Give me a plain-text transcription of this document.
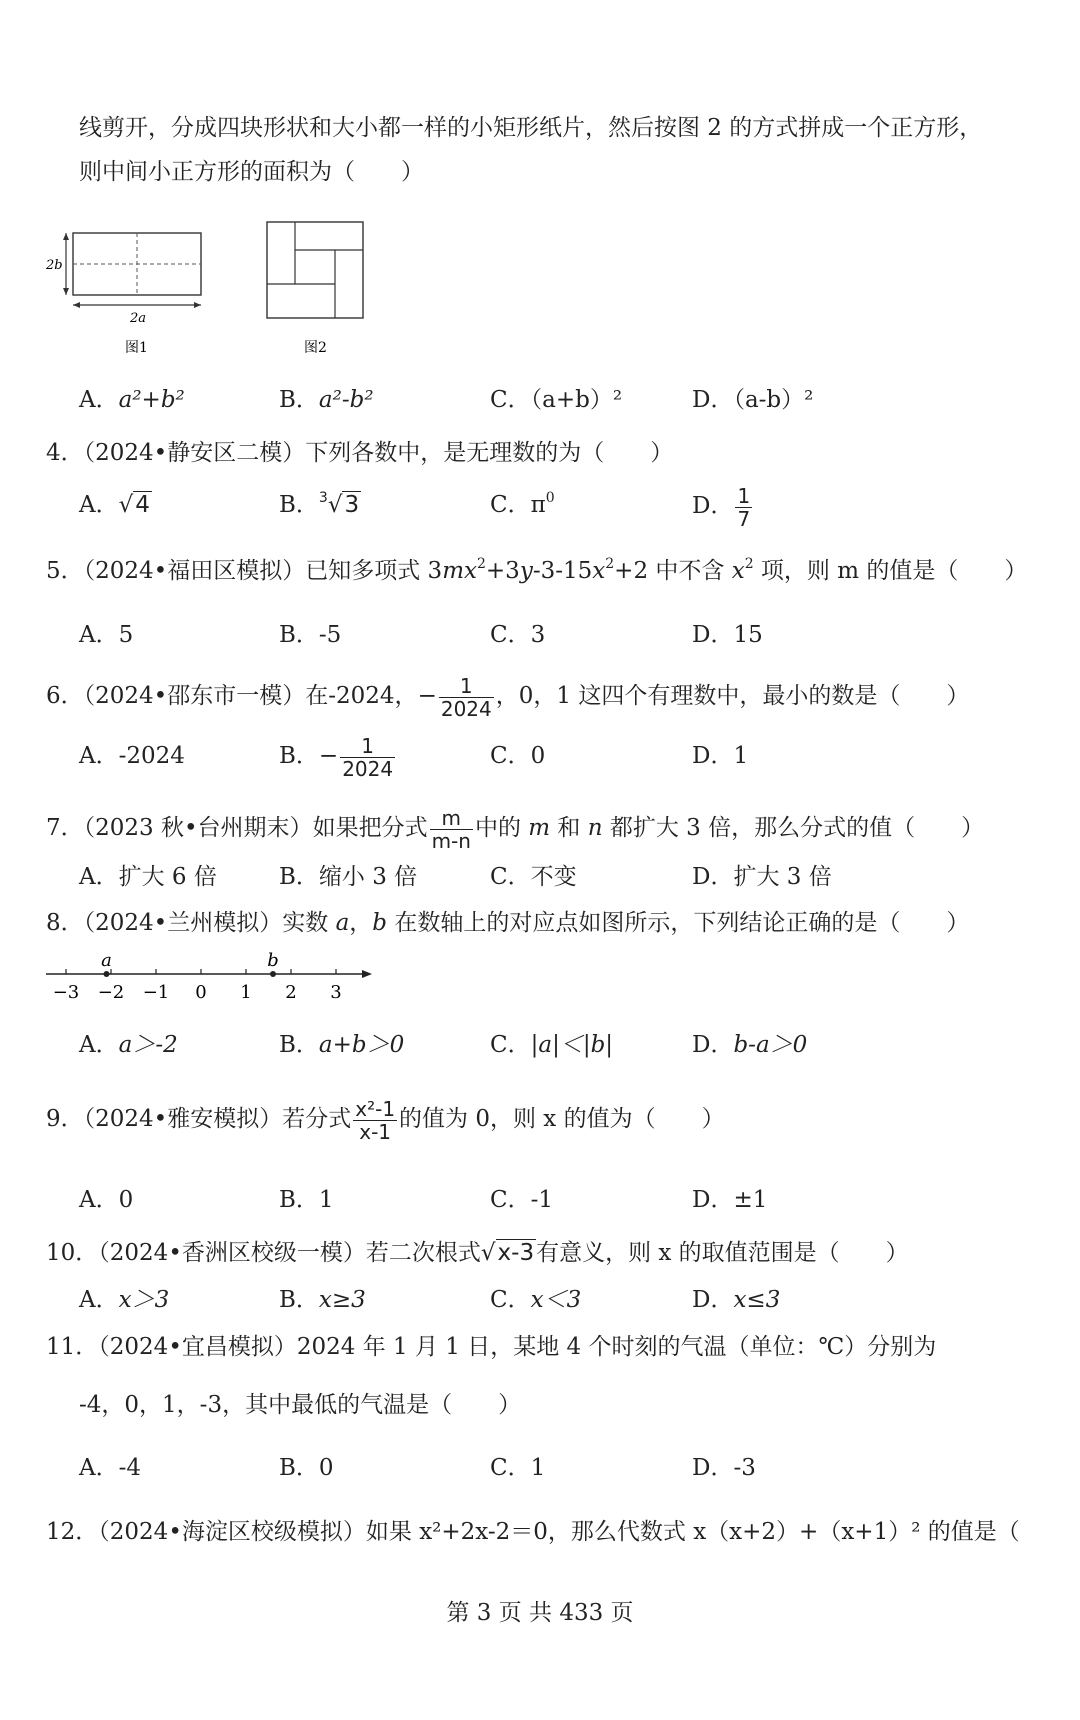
线剪开，分成四块形状和大小都一样的小矩形纸片，然后按图 2 的方式拼成一个正方形，
则中间小正方形的面积为（　　）
2b
2a
图1	图2
A．a²+b²	B．a²-b²	C．（a+b）²	D．（a-b）²
4．（2024•静安区二模）下列各数中，是无理数的为（　　）
A．√4	B．$^3$√3	C．$\pi^0$	D． $\frac{1}{7}$
5．（2024•福田区模拟）已知多项式 $3mx^2+3y-3-15x^2+2$ 中不含 $x^2$ 项，则 m 的值是（　　）
A．5	B．-5	C．3	D．15
6．（2024•邵东市一模）在-2024，− $\frac{1}{2024}$ ，0，1 这四个有理数中，最小的数是（　　）
A．-2024	B．− $\frac{1}{2024}$	C．0	D．1
7．（2023 秋•台州期末）如果把分式 $\frac{m}{m-n}$ 中的 m 和 n 都扩大 3 倍，那么分式的值（　　）
A．扩大 6 倍	B．缩小 3 倍	C．不变	D．扩大 3 倍
8．（2024•兰州模拟）实数 a，b 在数轴上的对应点如图所示，下列结论正确的是（　　）
−3 −2 −1 0 1 2 3
a	b
A．a＞-2	B．a+b＞0	C．|a|＜|b|	D．b-a＞0
9．（2024•雅安模拟）若分式 $\frac{\text{x²-1}}{x-1}$ 的值为 0，则 x 的值为（　　）
A．0	B．1	C．-1	D．±1
10．（2024•香洲区校级一模）若二次根式√x-3有意义，则 x 的取值范围是（　　）
A．x＞3	B．x≥3	C．x＜3	D．x≤3
11．（2024•宜昌模拟）2024 年 1 月 1 日，某地 4 个时刻的气温（单位：℃）分别为
-4，0，1，-3，其中最低的气温是（　　）
A．-4	B．0	C．1	D．-3
12．（2024•海淀区校级模拟）如果 x²+2x-2＝0，那么代数式 x（x+2）+（x+1）² 的值是（
第 3 页 共 433 页
